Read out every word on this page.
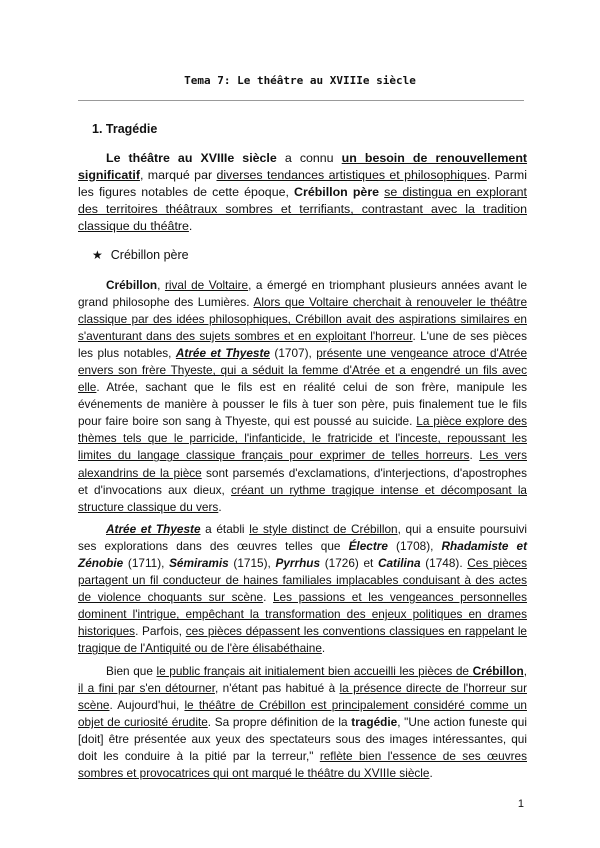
Tema 7: Le théâtre au XVIIIe siècle
1. Tragédie

Le théâtre au XVIIIe siècle a connu un besoin de renouvellement significatif, marqué par diverses tendances artistiques et philosophiques. Parmi les figures notables de cette époque, Crébillon père se distingua en explorant des territoires théâtraux sombres et terrifiants, contrastant avec la tradition classique du théâtre.

★ Crébillon père

Crébillon, rival de Voltaire, a émergé en triomphant plusieurs années avant le grand philosophe des Lumières. Alors que Voltaire cherchait à renouveler le théâtre classique par des idées philosophiques, Crébillon avait des aspirations similaires en s'aventurant dans des sujets sombres et en exploitant l'horreur. L'une de ses pièces les plus notables, Atrée et Thyeste (1707), présente une vengeance atroce d'Atrée envers son frère Thyeste, qui a séduit la femme d'Atrée et a engendré un fils avec elle. Atrée, sachant que le fils est en réalité celui de son frère, manipule les événements de manière à pousser le fils à tuer son père, puis finalement tue le fils pour faire boire son sang à Thyeste, qui est poussé au suicide. La pièce explore des thèmes tels que le parricide, l'infanticide, le fratricide et l'inceste, repoussant les limites du langage classique français pour exprimer de telles horreurs. Les vers alexandrins de la pièce sont parsemés d'exclamations, d'interjections, d'apostrophes et d'invocations aux dieux, créant un rythme tragique intense et décomposant la structure classique du vers.

Atrée et Thyeste a établi le style distinct de Crébillon, qui a ensuite poursuivi ses explorations dans des œuvres telles que Électre (1708), Rhadamiste et Zénobie (1711), Sémiramis (1715), Pyrrhus (1726) et Catilina (1748). Ces pièces partagent un fil conducteur de haines familiales implacables conduisant à des actes de violence choquants sur scène. Les passions et les vengeances personnelles dominent l'intrigue, empêchant la transformation des enjeux politiques en drames historiques. Parfois, ces pièces dépassent les conventions classiques en rappelant le tragique de l'Antiquité ou de l'ère élisabéthaine.

Bien que le public français ait initialement bien accueilli les pièces de Crébillon, il a fini par s'en détourner, n'étant pas habitué à la présence directe de l'horreur sur scène. Aujourd'hui, le théâtre de Crébillon est principalement considéré comme un objet de curiosité érudite. Sa propre définition de la tragédie, "Une action funeste qui [doit] être présentée aux yeux des spectateurs sous des images intéressantes, qui doit les conduire à la pitié par la terreur," reflète bien l'essence de ses œuvres sombres et provocatrices qui ont marqué le théâtre du XVIIIe siècle.

1
